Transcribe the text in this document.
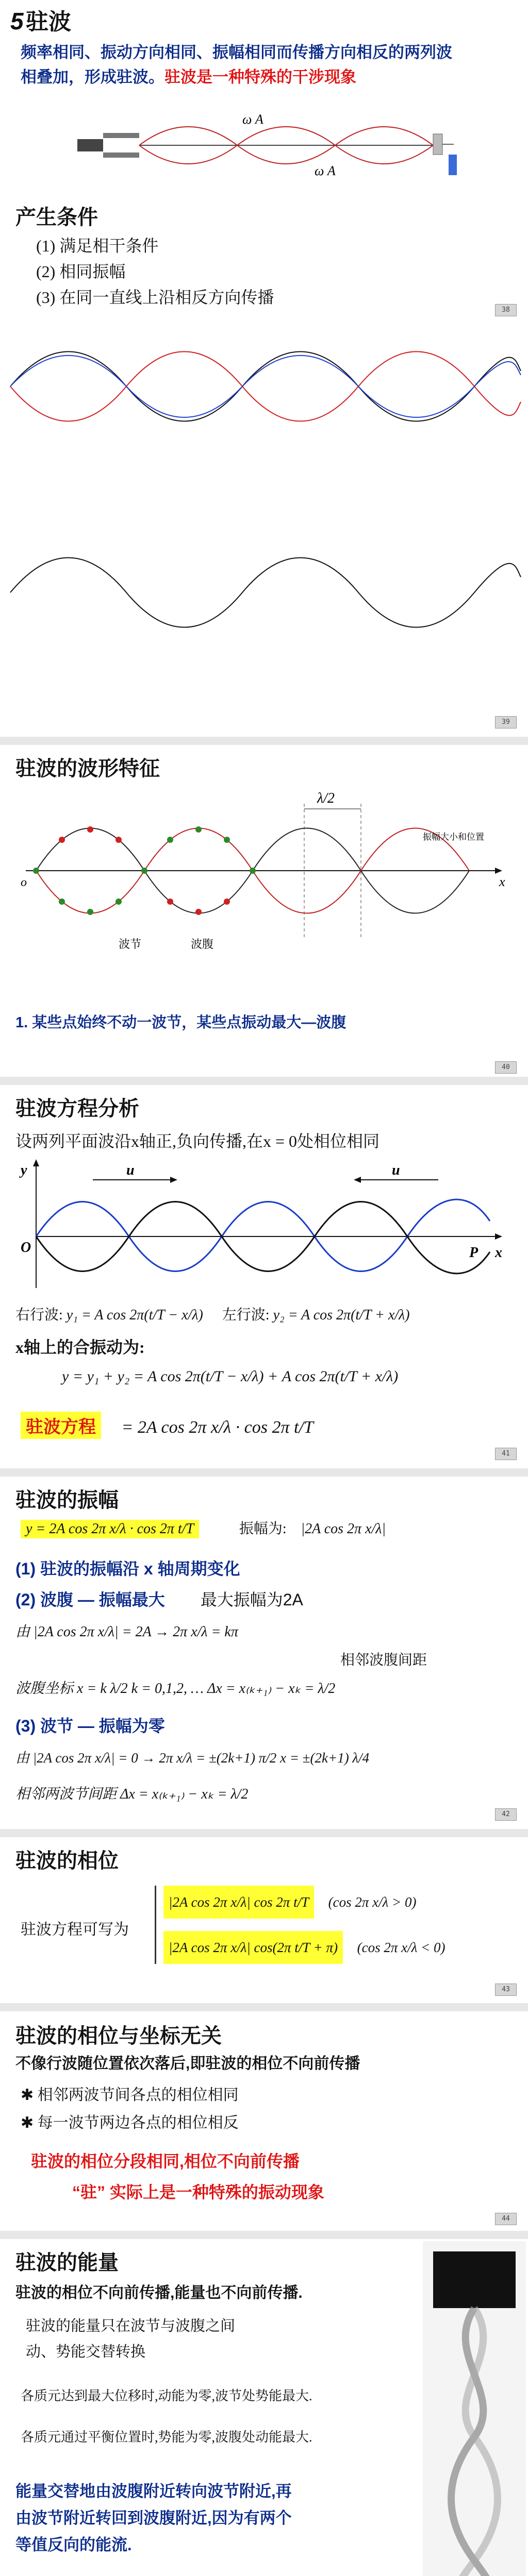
5 驻波
频率相同、振动方向相同、振幅相同而传播方向相反的两列波
相叠加，形成驻波。驻波是一种特殊的干涉现象
ω A
ω A
产生条件
(1) 满足相干条件
(2) 相同振幅
(3) 在同一直线上沿相反方向传播
38
39
驻波的波形特征
x
λ/2
振幅大小和位置
o
波节	波腹

1. 某些点始终不动一波节，某些点振动最大—波腹

40
驻波方程分析
设两列平面波沿x轴正,负向传播,在x = 0处相位相同
u	u
y
O	x
P
右行波: y₁ = A cos 2π(t/T − x/λ) 左行波: y₂ = A cos 2π(t/T + x/λ)
x轴上的合振动为:
y = y₁ + y₂ = A cos 2π(t/T − x/λ) + A cos 2π(t/T + x/λ)
驻波方程 = 2A cos 2π x/λ · cos 2π t/T
41
驻波的振幅
y = 2A cos 2π x/λ · cos 2π t/T	振幅为: |2A cos 2π x/λ|
(1) 驻波的振幅沿 x 轴周期变化
(2) 波腹 — 振幅最大 最大振幅为2A
由 |2A cos 2π x/λ| = 2A → 2π x/λ = kπ
相邻波腹间距
波腹坐标 x = k λ/2 k = 0,1,2, … Δx = x₍ₖ₊₁₎ − xₖ = λ/2
(3) 波节 — 振幅为零
由 |2A cos 2π x/λ| = 0 → 2π x/λ = ±(2k+1) π/2 x = ±(2k+1) λ/4
相邻两波节间距 Δx = x₍ₖ₊₁₎ − xₖ = λ/2
42
驻波的相位
驻波方程可写为
|2A cos 2π x/λ| cos 2π t/T (cos 2π x/λ > 0)
|2A cos 2π x/λ| cos(2π t/T + π) (cos 2π x/λ < 0)
43
驻波的相位与坐标无关
不像行波随位置依次落后,即驻波的相位不向前传播
✱ 相邻两波节间各点的相位相同
✱ 每一波节两边各点的相位相反
驻波的相位分段相同,相位不向前传播
“驻” 实际上是一种特殊的振动现象
44
驻波的能量
驻波的相位不向前传播,能量也不向前传播.
驻波的能量只在波节与波腹之间
动、势能交替转换
各质元达到最大位移时,动能为零,波节处势能最大.
各质元通过平衡位置时,势能为零,波腹处动能最大.
能量交替地由波腹附近转向波节附近,再
由波节附近转回到波腹附近,因为有两个
等值反向的能流.
